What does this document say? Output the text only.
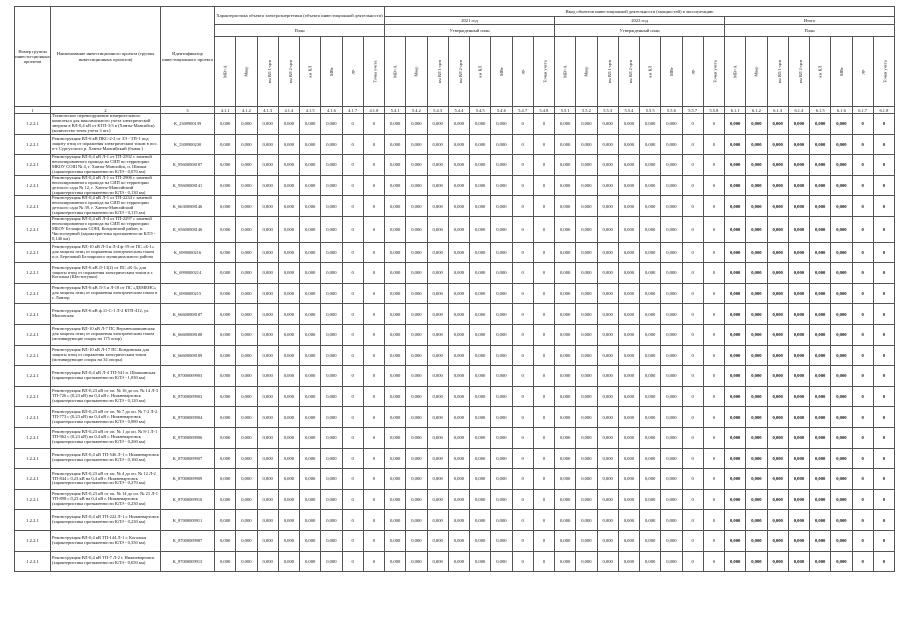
Номер группы инвести-ционных проектов	Наименование инвестиционного проекта (группы инвестиционных проектов)	Идентификатор инвестиционного проекта	Характеристика объекта электроэнергетики (объекта инвестиционной деятельности)								Ввод объектов инвестиционной деятельности (мощностей) в эксплуатацию																							
											2021 год								2023 год								Итого							
			План								Утвержденный план								Утвержденный план								План							
			МВ×А	Мвар	км ВЛ 1-цеп	км ВЛ 2-цеп	км КЛ	МВт	др.	Точка учета	МВ×А	Мвар	км ВЛ 1-цеп	км ВЛ 2-цеп	км КЛ	МВт	др.	Точки учета	МВ×А	Мвар	км ВЛ 1-цеп	км ВЛ 2-цеп	км КЛ	МВт	др.	Точки учета	МВ×А	Мвар	км ВЛ 1-цеп	км ВЛ 2-цеп	км КЛ	МВт	др.	Точки учета
1	2	3	4.1.1	4.1.2	4.1.3	4.1.4	4.1.5	4.1.6	4.1.7	4.1.8	5.4.1	5.4.2	5.4.3	5.4.4	5.4.5	5.4.6	5.4.7	5.4.8	5.5.1	5.5.2	5.5.3	5.5.4	5.5.5	5.5.6	5.5.7	5.5.8	6.1.1	6.1.2	6.1.3	6.1.4	6.1.5	6.1.6	6.1.7	6.1.8
1.2.2.1	Техническое перевооружение измерительного комплекса для максимального учета электрической энергии в ВЛ-0,4 кВ от КТП-3/3 в (Ханты-Мансийск) (количество точек учета 3 шт.)	K_2300900139	0,000	0,000	0,000	0,000	0,000	0,000	0	0	0,000	0,000	0,000	0,000	0,000	0,000	0	0	0,000	0,000	0,000	0,000	0,000	0,000	0	0	0,000	0,000	0,000	0,000	0,000	0,000	0	0
1.2.2.1	Реконструкция ВЛ-6 кВ ПКС-2-2 от ЗЭ - ТП-1 под защиту птиц от поражения электрическим током в пос. п-т Сургутского р. Ханты-Мансийский (бывш.)	K_5300900230	0,000	0,000	0,000	0,000	0,000	0,000	0	0	0,000	0,000	0,000	0,000	0,000	0,000	0	0	0,000	0,000	0,000	0,000	0,000	0,000	0	0	0,000	0,000	0,000	0,000	0,000	0,000	0	0
1.2.2.1	Реконструкция ВЛ-0,4 кВ Л-1 от ТП-2592 с заменой неизолированного провода на СИП по территории МКОУ СОШ № 4, г. Ханты-Мансийск, п. Шапша (характеристика протяженности КЛЭ - 0,070 км)	K_95600008187	0,000	0,000	0,000	0,000	0,000	0,000	0	0	0,000	0,000	0,000	0,000	0,000	0,000	0	0	0,000	0,000	0,000	0,000	0,000	0,000	0	0	0,000	0,000	0,000	0,000	0,000	0,000	0	0
1.2.2.1	Реконструкция ВЛ-0,4 кВ Л-1 от ТП-2906 с заменой неизолированного провода на СИП по территории детского сада № 12, г. Ханты-Мансийский (характеристика протяженности КЛЭ - 0,130 км)	K_95600008141	0,000	0,000	0,000	0,000	0,000	0,000	0	0	0,000	0,000	0,000	0,000	0,000	0,000	0	0	0,000	0,000	0,000	0,000	0,000	0,000	0	0	0,000	0,000	0,000	0,000	0,000	0,000	0	0
1.2.2.1	Реконструкция ВЛ-0,4 кВ Л-1 от ТП-2234 с заменой неизолированного провода на СИП по территории детского сада № 39, г. Ханты-Мансийский (характеристика протяженности КЛЭ - 0,115 км)	K_66300008146	0,000	0,000	0,000	0,000	0,000	0,000	0	0	0,000	0,000	0,000	0,000	0,000	0,000	0	0	0,000	0,000	0,000	0,000	0,000	0,000	0	0	0,000	0,000	0,000	0,000	0,000	0,000	0	0
1.2.2.1	Реконструкция ВЛ-0,4 кВ Л-4 от ТП-2297 с заменой неизолированного провода на СИП по территории МБОУ Белоярская СОШ, Кондинский район, п. Чистоозерный (характеристика протяженности КЛЭ - 0,140 км)	K_65600008146	0,000	0,000	0,000	0,000	0,000	0,000	0	0	0,000	0,000	0,000	0,000	0,000	0,000	0	0	0,000	0,000	0,000	0,000	0,000	0,000	0	0	0,000	0,000	0,000	0,000	0,000	0,000	0	0
1.2.2.1	Реконструкция ВЛ-10 кВ Л-3 и Л-4 ф-19 от ПС «Б-1» для защиты птиц от поражения электрическим током п.п. Березовый Белоярского муниципального района	K_6990000216	0,000	0,000	0,000	0,000	0,000	0,000	0	0	0,000	0,000	0,000	0,000	0,000	0,000	0	0	0,000	0,000	0,000	0,000	0,000	0,000	0	0	0,000	0,000	0,000	0,000	0,000	0,000	0	0
1.2.2.1	Реконструкция ВЛ-6 кВ Л-13(2) от ПС «К-3» для защиты птиц от поражения электрическим током в г. Когалым (Шеститупки)	K_6990000214	0,000	0,000	0,000	0,000	0,000	0,000	0	0	0,000	0,000	0,000	0,000	0,000	0,000	0	0	0,000	0,000	0,000	0,000	0,000	0,000	0	0	0,000	0,000	0,000	0,000	0,000	0,000	0	0
1.2.2.1	Реконструкция ВЛ-6 кВ Л-3 и Л-18 от ПС «ДЕМЕНС» для защиты птиц от поражения электрическим током в г. Лянтор	K_6990000215	0,000	0,000	0,000	0,000	0,000	0,000	0	0	0,000	0,000	0,000	0,000	0,000	0,000	0	0	0,000	0,000	0,000	0,000	0,000	0,000	0	0	0,000	0,000	0,000	0,000	0,000	0,000	0	0
1.2.2.1	Реконструкция ВЛ-6 кВ ф.11-С-1 Л-2 КТП-412, ул. Мысовская	K_66600008187	0,000	0,000	0,000	0,000	0,000	0,000	0	0	0,000	0,000	0,000	0,000	0,000	0,000	0	0	0,000	0,000	0,000	0,000	0,000	0,000	0	0	0,000	0,000	0,000	0,000	0,000	0,000	0	0
1.2.2.1	Реконструкция ВЛ-10 кВ Л-7 ПС Верхнешапшинская для защиты птиц от поражения электрическим током (мотивирующие опоры на 175 опор)	K_66600008188	0,000	0,000	0,000	0,000	0,000	0,000	0	0	0,000	0,000	0,000	0,000	0,000	0,000	0	0	0,000	0,000	0,000	0,000	0,000	0,000	0	0	0,000	0,000	0,000	0,000	0,000	0,000	0	0
1.2.2.1	Реконструкция ВЛ-10 кВ Л-17 ПС Кондинская для защиты птиц от поражения электрическим током (мотивирующие опоры на 34 опоры)	K_66600008189	0,000	0,000	0,000	0,000	0,000	0,000	0	0	0,000	0,000	0,000	0,000	0,000	0,000	0	0	0,000	0,000	0,000	0,000	0,000	0,000	0	0	0,000	0,000	0,000	0,000	0,000	0,000	0	0
1.2.2.1	Реконструкция ВЛ-0,4 кВ Л-4 ТП-541 п. Шапшинская (характеристика протяженности КЛЭ - 1,030 км)	K_87000009903	0,000	0,000	0,000	0,000	0,000	0,000	0	0	0,000	0,000	0,000	0,000	0,000	0,000	0	0	0,000	0,000	0,000	0,000	0,000	0,000	0	0	0,000	0,000	0,000	0,000	0,000	0,000	0	0
1.2.2.1	Реконструкция ВЛ-0,23 кВ от оп. № 16 до оп. № 14 Л-3 ТП-726 с (0,23 кВ) на 0,4 кВ г. Нижневартовск (характеристика протяженности КЛЭ - 0,120 км)	K_87000009903	0,000	0,000	0,000	0,000	0,000	0,000	0	0	0,000	0,000	0,000	0,000	0,000	0,000	0	0	0,000	0,000	0,000	0,000	0,000	0,000	0	0	0,000	0,000	0,000	0,000	0,000	0,000	0	0
1.2.2.1	Реконструкция ВЛ-0,23 кВ от оп. № 7 до оп. № 7-2 Л-2 ТП-773 с (0,23 кВ) на 0,4 кВ г. Нижневартовск (характеристика протяженности КЛЭ - 0,080 км)	K_87000009904	0,000	0,000	0,000	0,000	0,000	0,000	0	0	0,000	0,000	0,000	0,000	0,000	0,000	0	0	0,000	0,000	0,000	0,000	0,000	0,000	0	0	0,000	0,000	0,000	0,000	0,000	0,000	0	0
1.2.2.1	Реконструкция ВЛ-0,23 кВ от оп. № 1 до оп. № 8-1 Л-1 ТП-962 с (0,23 кВ) на 0,4 кВ г. Нижневартовск (характеристика протяженности КЛЭ - 0,260 км)	K_87000009906	0,000	0,000	0,000	0,000	0,000	0,000	0	0	0,000	0,000	0,000	0,000	0,000	0,000	0	0	0,000	0,000	0,000	0,000	0,000	0,000	0	0	0,000	0,000	0,000	0,000	0,000	0,000	0	0
1.2.2.1	Реконструкция ВЛ-0,4 кВ ТП-546 Л-1 г. Нижневартовск (характеристика протяженности КЛЭ - 0,160 км)	K_87000009907	0,000	0,000	0,000	0,000	0,000	0,000	0	0	0,000	0,000	0,000	0,000	0,000	0,000	0	0	0,000	0,000	0,000	0,000	0,000	0,000	0	0	0,000	0,000	0,000	0,000	0,000	0,000	0	0
1.2.2.1	Реконструкция ВЛ-0,23 кВ от оп. № 4 до оп. № 12 Л-2 ТП-844 с 0,23 кВ на 0,4 кВ г. Нижневартовск (характеристика протяженности КЛЭ - 0,270 км)	K_87000009909	0,000	0,000	0,000	0,000	0,000	0,000	0	0	0,000	0,000	0,000	0,000	0,000	0,000	0	0	0,000	0,000	0,000	0,000	0,000	0,000	0	0	0,000	0,000	0,000	0,000	0,000	0,000	0	0
1.2.2.1	Реконструкция ВЛ-0,23 кВ от оп. № 14 до оп. № 21 Л-1 ТП-898 с 0,23 кВ на 0,4 кВ г. Нижневартовск (характеристика протяженности КЛЭ - 0,230 км)	K_87000009910	0,000	0,000	0,000	0,000	0,000	0,000	0	0	0,000	0,000	0,000	0,000	0,000	0,000	0	0	0,000	0,000	0,000	0,000	0,000	0,000	0	0	0,000	0,000	0,000	0,000	0,000	0,000	0	0
1.2.2.1	Реконструкция ВЛ-0,4 кВ ТП-222 Л-1 г. Нижневартовск (характеристика протяженности КЛЭ - 0,230 км)	K_87000009911	0,000	0,000	0,000	0,000	0,000	0,000	0	0	0,000	0,000	0,000	0,000	0,000	0,000	0	0	0,000	0,000	0,000	0,000	0,000	0,000	0	0	0,000	0,000	0,000	0,000	0,000	0,000	0	0
1.2.2.1	Реконструкция ВЛ-0,4 кВ ТП-144 Л-1 г. Когалым (характеристика протяженности КЛЭ - 0,350 км)	K_87000009987	0,000	0,000	0,000	0,000	0,000	0,000	0	0	0,000	0,000	0,000	0,000	0,000	0,000	0	0	0,000	0,000	0,000	0,000	0,000	0,000	0	0	0,000	0,000	0,000	0,000	0,000	0,000	0	0
1.2.2.1	Реконструкция ВЛ-0,4 кВ ТП-7 Л-2 г. Нижневартовск (характеристика протяженности КЛЭ - 0,650 км)	K_87000009913	0,000	0,000	0,000	0,000	0,000	0,000	0	0	0,000	0,000	0,000	0,000	0,000	0,000	0	0	0,000	0,000	0,000	0,000	0,000	0,000	0	0	0,000	0,000	0,000	0,000	0,000	0,000	0	0
